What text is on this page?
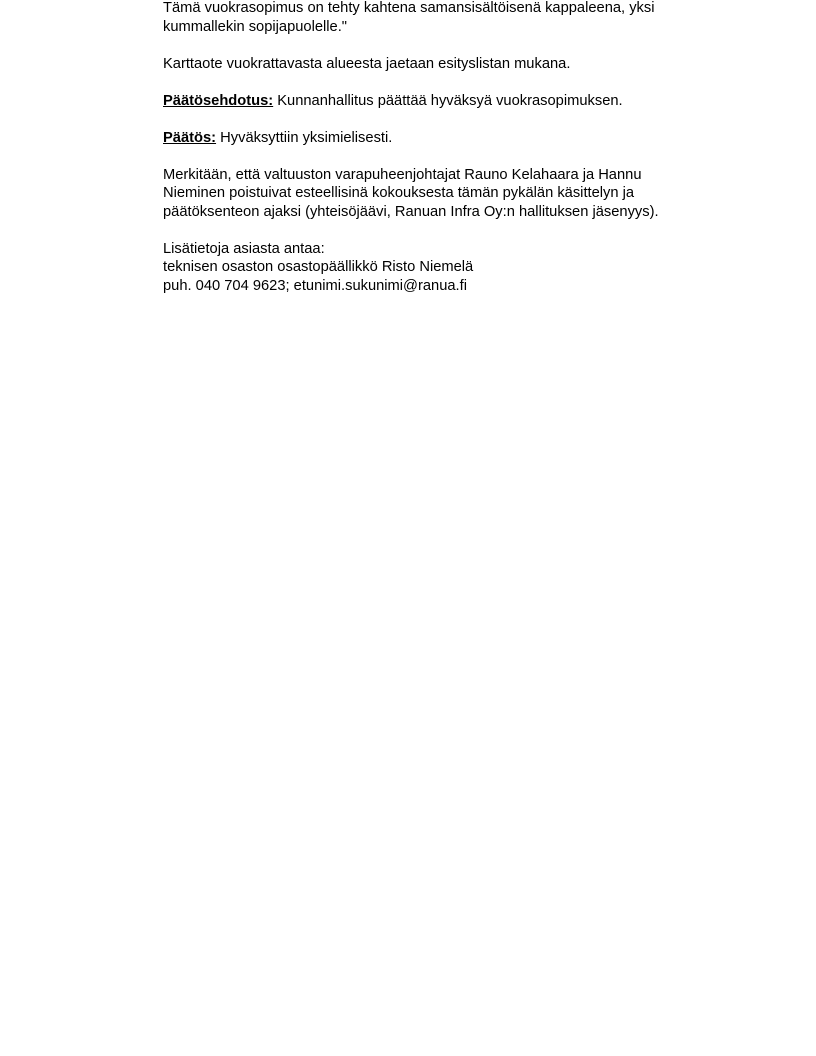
Tämä vuokrasopimus on tehty kahtena samansisältöisenä kappaleena, yksi
kummallekin sopijapuolelle."

Karttaote vuokrattavasta alueesta jaetaan esityslistan mukana.

Päätösehdotus: Kunnanhallitus päättää hyväksyä vuokrasopimuksen.

Päätös: Hyväksyttiin yksimielisesti.

Merkitään, että valtuuston varapuheenjohtajat Rauno Kelahaara ja Hannu
Nieminen poistuivat esteellisinä kokouksesta tämän pykälän käsittelyn ja
päätöksenteon ajaksi (yhteisöjäävi, Ranuan Infra Oy:n hallituksen jäsenyys).

Lisätietoja asiasta antaa:
teknisen osaston osastopäällikkö Risto Niemelä
puh. 040 704 9623; etunimi.sukunimi@ranua.fi
